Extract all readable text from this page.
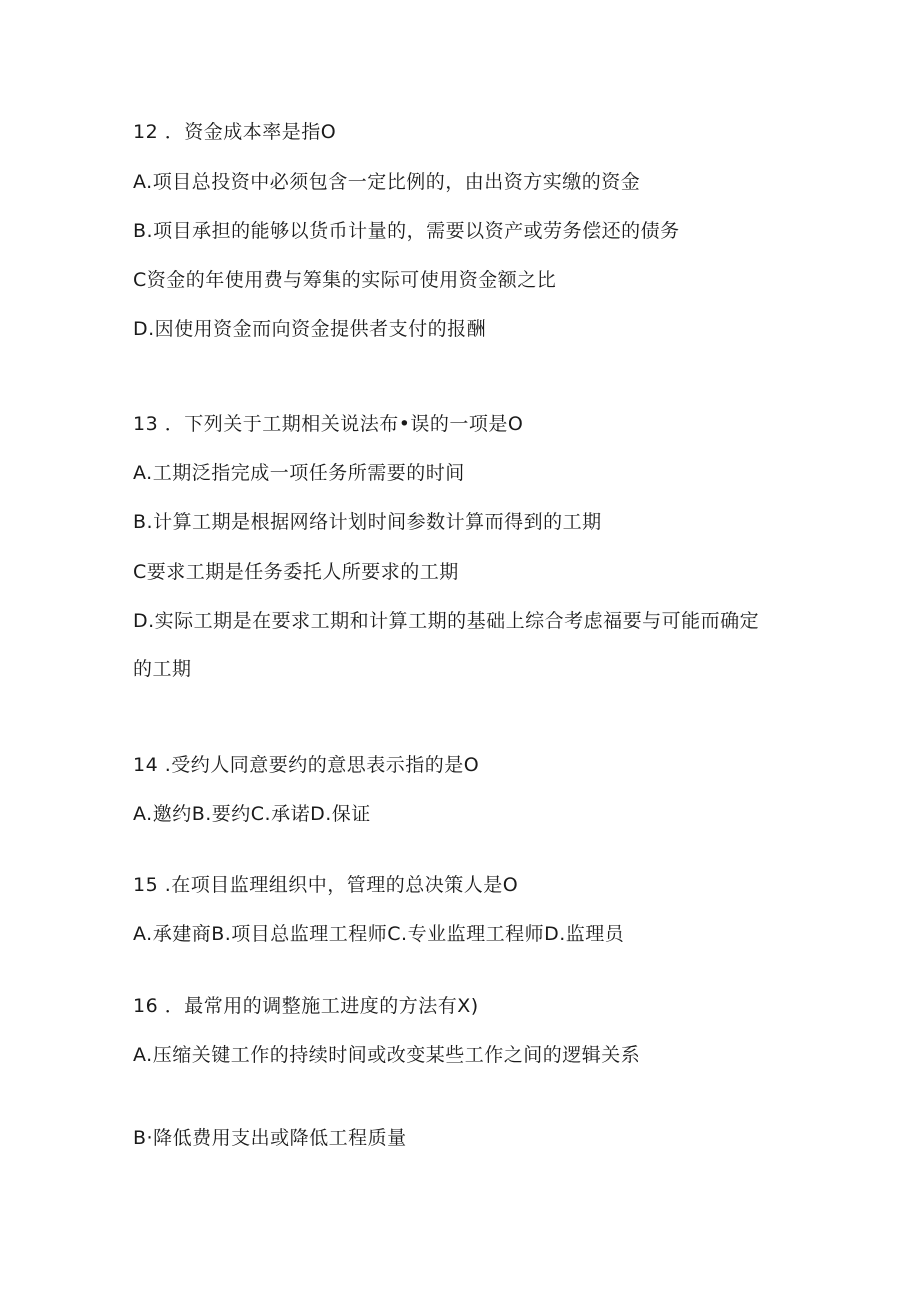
12 ．资金成本率是指O
A.项目总投资中必须包含一定比例的，由出资方实缴的资金
B.项目承担的能够以货币计量的，需要以资产或劳务偿还的债务
C资金的年使用费与筹集的实际可使用资金额之比
D.因使用资金而向资金提供者支付的报酬
13 ．下列关于工期相关说法布•误的一项是O
A.工期泛指完成一项任务所需要的时间
B.计算工期是根据网络计划时间参数计算而得到的工期
C要求工期是任务委托人所要求的工期
D.实际工期是在要求工期和计算工期的基础上综合考虑福要与可能而确定
的工期
14 .受约人同意要约的意思表示指的是O
A.邀约B.要约C.承诺D.保证
15 .在项目监理组织中，管理的总决策人是O
A.承建商B.项目总监理工程师C.专业监理工程师D.监理员
16 ．最常用的调整施工进度的方法有X)
A.压缩关键工作的持续时间或改变某些工作之间的逻辑关系
B·降低费用支出或降低工程质量
